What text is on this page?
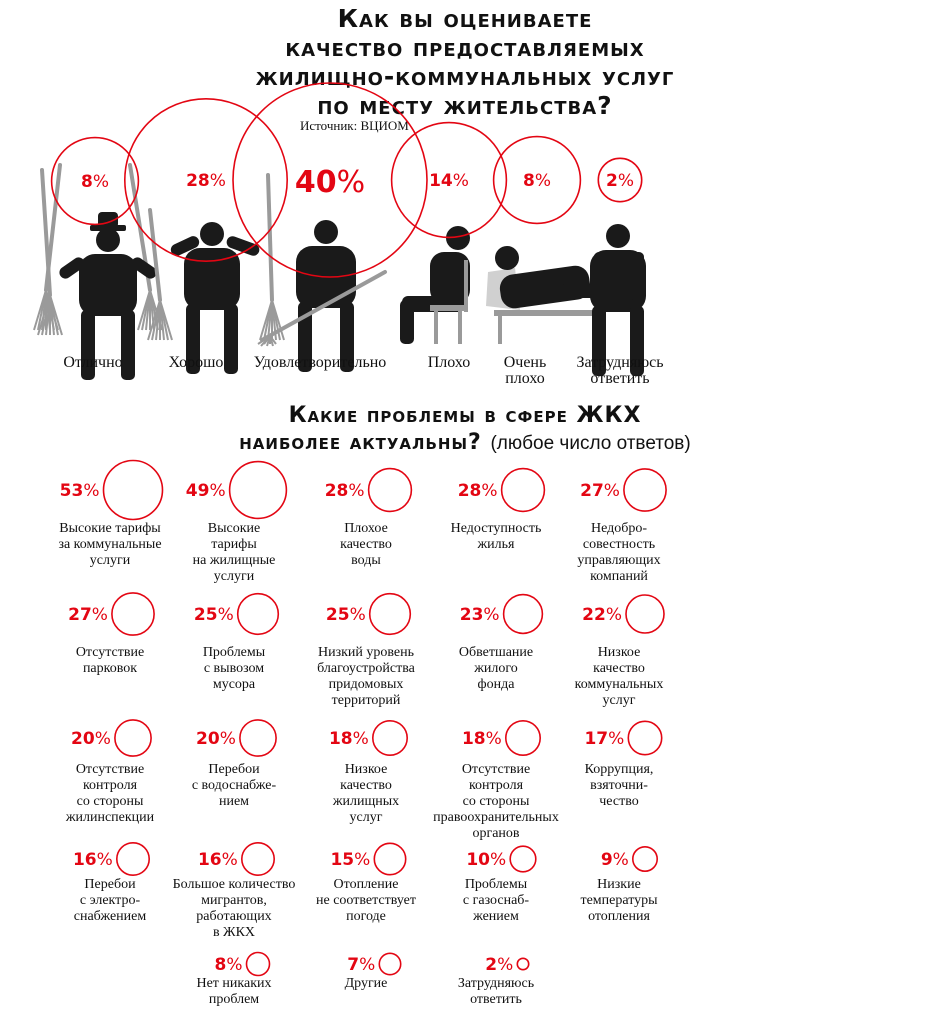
Как вы оцениваете
качество предоставляемых
жилищно-коммунальных услуг
по месту жительства?

Источник: ВЦИОМ

8%	28% 40%	14%	8%	2%
Отлично	Хорошо	Удовлетворительно	Плохо	Очень
плохо
Затрудняюсь
ответить
Какие проблемы в сфере ЖКХ
наиболее актуальны? (любое число ответов)
53%
Высокие тарифы
за коммунальные
услуги
49%
Высокие
тарифы
на жилищные
услуги
28%
Плохое
качество
воды
28%
Недоступность
жилья
27%
Недобро-
совестность
управляющих
компаний
27%
Отсутствие
парковок
25%
Проблемы
с вывозом
мусора
25%
Низкий уровень
благоустройства
придомовых
территорий
23%
Обветшание
жилого
фонда
22%
Низкое
качество
коммунальных
услуг
20%
Отсутствие
контроля
со стороны
жилинспекции
20%
Перебои
с водоснабже-
нием
18%
Низкое
качество
жилищных
услуг
18%
Отсутствие
контроля
со стороны
правоохранительных
органов
17%
Коррупция,
взяточни-
чество
16%
Перебои
с электро-
снабжением
16%
Большое количество
мигрантов,
работающих
в ЖКХ
15%
Отопление
не соответствует
погоде
10%
Проблемы
с газоснаб-
жением
9%
Низкие
температуры
отопления
8%
Нет никаких
проблем
7%
Другие
2%
Затрудняюсь
ответить
